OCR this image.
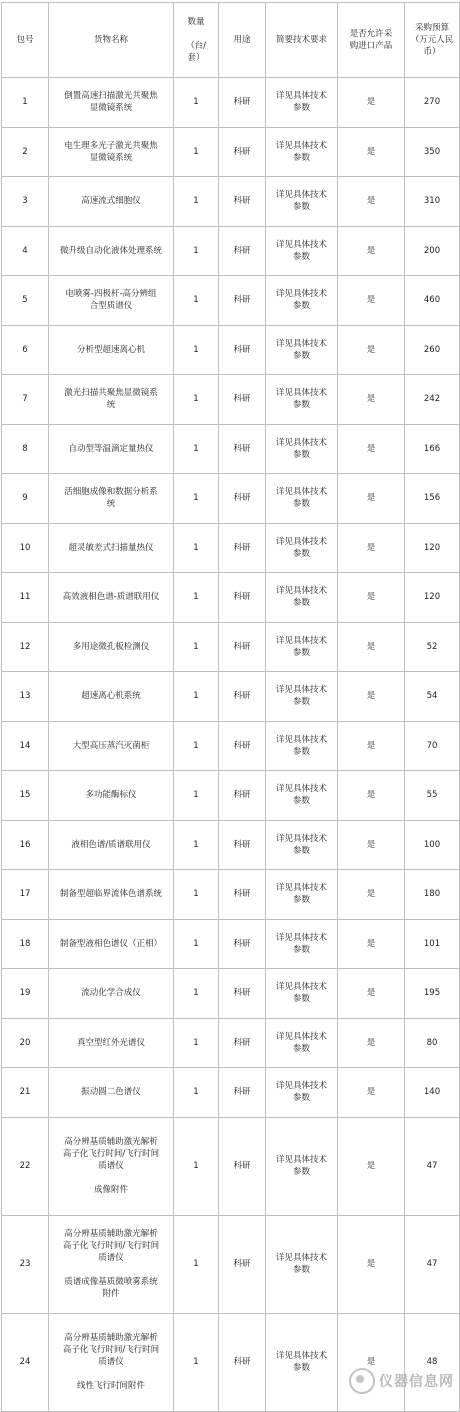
包号	货物名称	数量

（台/
套）	用途	简要技术要求	是否允许采
购进口产品	采购预算
（万元人民
币）
1	倒置高速扫描激光共聚焦
显微镜系统	1	科研	详见具体技术
参数	是	270
2	电生理多光子激光共聚焦
显微镜系统	1	科研	详见具体技术
参数	是	350
3	高速流式细胞仪	1	科研	详见具体技术
参数	是	310
4	微升级自动化液体处理系统	1	科研	详见具体技术
参数	是	200
5	电喷雾-四极杆-高分辨组
合型质谱仪	1	科研	详见具体技术
参数	是	460
6	分析型超速离心机	1	科研	详见具体技术
参数	是	260
7	激光扫描共聚焦显微镜系
统	1	科研	详见具体技术
参数	是	242
8	自动型等温滴定量热仪	1	科研	详见具体技术
参数	是	166
9	活细胞成像和数据分析系
统	1	科研	详见具体技术
参数	是	156
10	超灵敏差式扫描量热仪	1	科研	详见具体技术
参数	是	120
11	高效液相色谱-质谱联用仪	1	科研	详见具体技术
参数	是	120
12	多用途微孔板检测仪	1	科研	详见具体技术
参数	是	52
13	超速离心机系统	1	科研	详见具体技术
参数	是	54
14	大型高压蒸汽灭菌柜	1	科研	详见具体技术
参数	是	70
15	多功能酶标仪	1	科研	详见具体技术
参数	是	55
16	液相色谱/质谱联用仪	1	科研	详见具体技术
参数	是	100
17	制备型超临界流体色谱系统	1	科研	详见具体技术
参数	是	180
18	制备型液相色谱仪（正相）	1	科研	详见具体技术
参数	是	101
19	流动化学合成仪	1	科研	详见具体技术
参数	是	195
20	真空型红外光谱仪	1	科研	详见具体技术
参数	是	80
21	振动圆二色谱仪	1	科研	详见具体技术
参数	是	140
22	高分辨基质辅助激光解析
高子化飞行时间/飞行时间
质谱仪

成像附件	1	科研	详见具体技术
参数	是	47
23	高分辨基质辅助激光解析
高子化飞行时间/飞行时间
质谱仪

质谱成像基质微喷雾系统
附件	1	科研	详见具体技术
参数	是	47
24	高分辨基质辅助激光解析
高子化飞行时间/飞行时间
质谱仪

线性飞行时间附件	1	科研	详见具体技术
参数	是	48
仪器信息网
